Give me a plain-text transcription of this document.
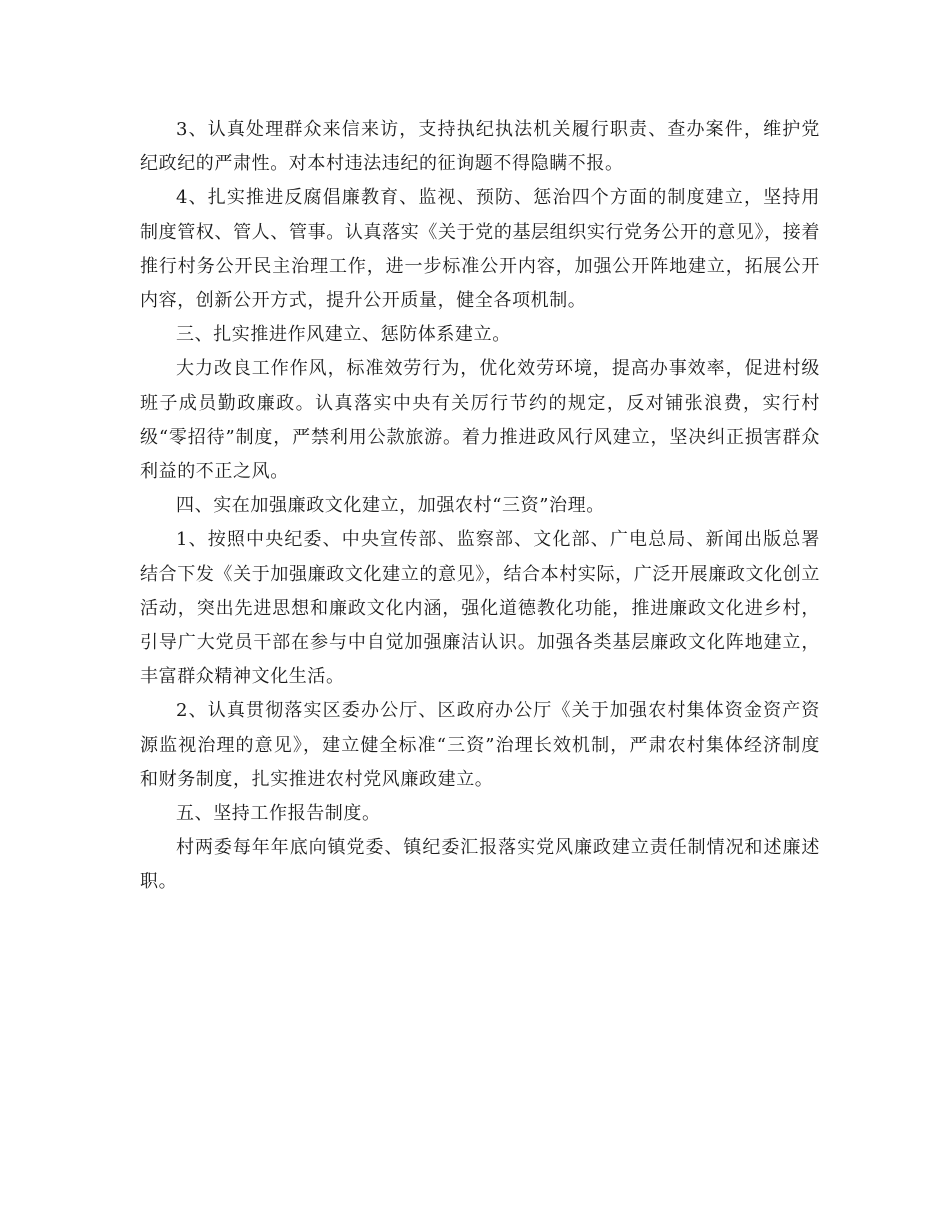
3、认真处理群众来信来访，支持执纪执法机关履行职责、查办案件，维护党纪政纪的严肃性。对本村违法违纪的征询题不得隐瞒不报。

4、扎实推进反腐倡廉教育、监视、预防、惩治四个方面的制度建立，坚持用制度管权、管人、管事。认真落实《关于党的基层组织实行党务公开的意见》，接着推行村务公开民主治理工作，进一步标准公开内容，加强公开阵地建立，拓展公开内容，创新公开方式，提升公开质量，健全各项机制。

三、扎实推进作风建立、惩防体系建立。

大力改良工作作风，标准效劳行为，优化效劳环境，提高办事效率，促进村级班子成员勤政廉政。认真落实中央有关厉行节约的规定，反对铺张浪费，实行村级“零招待”制度，严禁利用公款旅游。着力推进政风行风建立，坚决纠正损害群众利益的不正之风。

四、实在加强廉政文化建立，加强农村“三资”治理。

1、按照中央纪委、中央宣传部、监察部、文化部、广电总局、新闻出版总署结合下发《关于加强廉政文化建立的意见》，结合本村实际，广泛开展廉政文化创立活动，突出先进思想和廉政文化内涵，强化道德教化功能，推进廉政文化进乡村，引导广大党员干部在参与中自觉加强廉洁认识。加强各类基层廉政文化阵地建立，丰富群众精神文化生活。

2、认真贯彻落实区委办公厅、区政府办公厅《关于加强农村集体资金资产资源监视治理的意见》，建立健全标准“三资”治理长效机制，严肃农村集体经济制度和财务制度，扎实推进农村党风廉政建立。

五、坚持工作报告制度。

村两委每年年底向镇党委、镇纪委汇报落实党风廉政建立责任制情况和述廉述职。
